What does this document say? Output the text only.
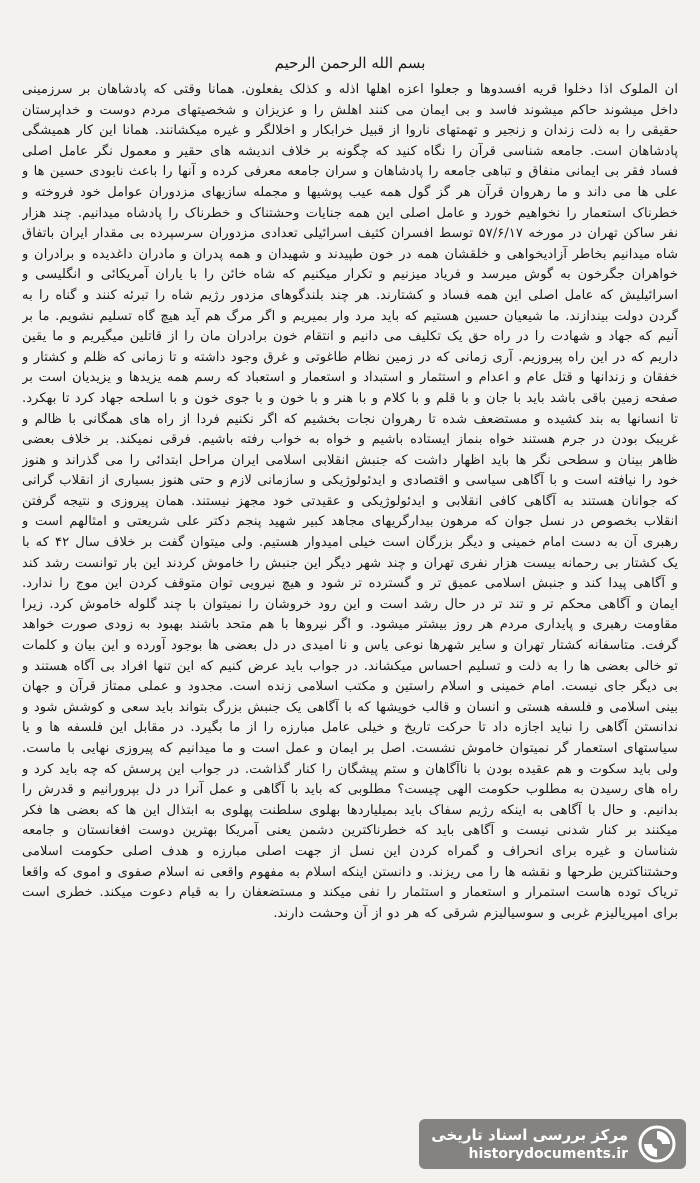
بسم الله الرحمن الرحیم

ان الملوک اذا دخلوا قریه افسدوها و جعلوا اعزه اهلها اذله و کذلک یفعلون. همانا وقتی که پادشاهان بر سرزمینی داخل میشوند حاکم میشوند فاسد و بی ایمان می کنند اهلش را و عزیزان و شخصیتهای مردم دوست و خداپرستان حقیقی را به ذلت زندان و زنجیر و تهمتهای ناروا از قبیل خرابکار و اخلالگر و غیره میکشانند. همانا این کار همیشگی پادشاهان است. جامعه شناسی قرآن را نگاه کنید که چگونه بر خلاف اندیشه های حقیر و معمول نگر عامل اصلی فساد فقر بی ایمانی منفاق و تباهی جامعه را پادشاهان و سران جامعه معرفی کرده و آنها را باعث نابودی حسین ها و علی ها می داند و ما رهروان قرآن هر گز گول همه عیب پوشیها و مجمله سازیهای مزدوران عوامل خود فروخته و خطرناک استعمار را نخواهیم خورد و عامل اصلی این همه جنایات وحشتناک و خطرناک را پادشاه میدانیم. چند هزار نفر ساکن تهران در مورخه ۵۷/۶/۱۷ توسط افسران کثیف اسرائیلی تعدادی مزدوران سرسپرده بی مقدار ایران باتفاق شاه میدانیم بخاطر آزادیخواهی و خلقشان همه در خون طپیدند و شهیدان و همه پدران و مادران داغدیده و برادران و خواهران جگرخون به گوش میرسد و فریاد میزنیم و تکرار میکنیم که شاه خائن را با یاران آمریکائی و انگلیسی و اسرائیلیش که عامل اصلی این همه فساد و کشتارند. هر چند بلندگوهای مزدور رژیم شاه را تبرئه کنند و گناه را به گردن دولت بیندازند. ما شیعیان حسین هستیم که باید مرد وار بمیریم و اگر مرگ هم آید هیچ گاه تسلیم نشویم. ما بر آنیم که جهاد و شهادت را در راه حق یک تکلیف می دانیم و انتقام خون برادران مان را از قاتلین میگیریم و ما یقین داریم که در این راه پیروزیم. آری زمانی که در زمین نظام طاغوتی و غرق وجود داشته و تا زمانی که ظلم و کشتار و خفقان و زندانها و قتل عام و اعدام و استثمار و استبداد و استعمار و استعباد که رسم همه یزیدها و یزیدیان است بر صفحه زمین باقی باشد باید با جان و با قلم و با کلام و با هنر و با خون و با جوی خون و با اسلحه جهاد کرد تا بهکرد. تا انسانها به بند کشیده و مستضعف شده تا رهروان نجات بخشیم که اگر نکنیم فردا از راه های همگانی با ظالم و غریبک بودن در جرم هستند خواه بنماز ایستاده باشیم و خواه به خواب رفته باشیم. فرقی نمیکند. بر خلاف بعضی ظاهر بینان و سطحی نگر ها باید اظهار داشت که جنبش انقلابی اسلامی ایران مراحل ابتدائی را می گذراند و هنوز خود را نیافته است و با آگاهی سیاسی و اقتصادی و ایدئولوژیکی و سازمانی لازم و حتی هنوز بسیاری از انقلاب گرانی که جوانان هستند به آگاهی کافی انقلابی و ایدئولوژیکی و عقیدتی خود مجهز نیستند. همان پیروزی و نتیجه گرفتن انقلاب بخصوص در نسل جوان که مرهون بیدارگریهای مجاهد کبیر شهید پنجم دکتر علی شریعتی و امثالهم است و رهبری آن به دست امام خمینی و دیگر بزرگان است خیلی امیدوار هستیم. ولی میتوان گفت بر خلاف سال ۴۲ که با یک کشتار بی رحمانه بیست هزار نفری تهران و چند شهر دیگر این جنبش را خاموش کردند این بار توانست رشد کند و آگاهی پیدا کند و جنبش اسلامی عمیق تر و گسترده تر شود و هیچ نیرویی توان متوقف کردن این موج را ندارد. ایمان و آگاهی محکم تر و تند تر در حال رشد است و این رود خروشان را نمیتوان با چند گلوله خاموش کرد. زیرا مقاومت رهبری و پایداری مردم هر روز بیشتر میشود. و اگر نیروها با هم متحد باشند بهبود به زودی صورت خواهد گرفت. متاسفانه کشتار تهران و سایر شهرها نوعی یاس و نا امیدی در دل بعضی ها بوجود آورده و این بیان و کلمات تو خالی بعضی ها را به ذلت و تسلیم احساس میکشاند. در جواب باید عرض کنیم که این تنها افراد بی آگاه هستند و بی دیگر جای نیست. امام خمینی و اسلام راستین و مکتب اسلامی زنده است. مجدود و عملی ممتاز قرآن و جهان بینی اسلامی و فلسفه هستی و انسان و قالب خویشها که با آگاهی یک جنبش بزرگ بتواند باید سعی و کوشش شود و ندانستن آگاهی را نباید اجازه داد تا حرکت تاریخ و خیلی عامل مبارزه را از ما بگیرد. در مقابل این فلسفه ها و یا سیاستهای استعمار گر نمیتوان خاموش نشست. اصل بر ایمان و عمل است و ما میدانیم که پیروزی نهایی با ماست. ولی باید سکوت و هم عقیده بودن با ناآگاهان و ستم پیشگان را کنار گذاشت. در جواب این پرسش که چه باید کرد و راه های رسیدن به مطلوب حکومت الهی چیست؟ مطلوبی که باید با آگاهی و عمل آنرا در دل بپرورانیم و قدرش را بدانیم. و حال با آگاهی به اینکه رژیم سفاک باید بمیلیاردها بهلوی سلطنت پهلوی به ابتذال این ها که بعضی ها فکر میکنند بر کنار شدنی نیست و آگاهی باید که خطرناکترین دشمن یعنی آمریکا بهترین دوست افغانستان و جامعه شناسان و غیره برای انحراف و گمراه کردن این نسل از جهت اصلی مبارزه و هدف اصلی حکومت اسلامی وحشتناکترین طرحها و نقشه ها را می ریزند. و دانستن اینکه اسلام به مفهوم واقعی نه اسلام صفوی و اموی که واقعا تریاک توده هاست استمرار و استعمار و استثمار را نفی میکند و مستضعفان را به قیام دعوت میکند. خطری است برای امپریالیزم غربی و سوسیالیزم شرقی که هر دو از آن وحشت دارند.

مرکز بررسی اسناد تاریخی
historydocuments.ir
